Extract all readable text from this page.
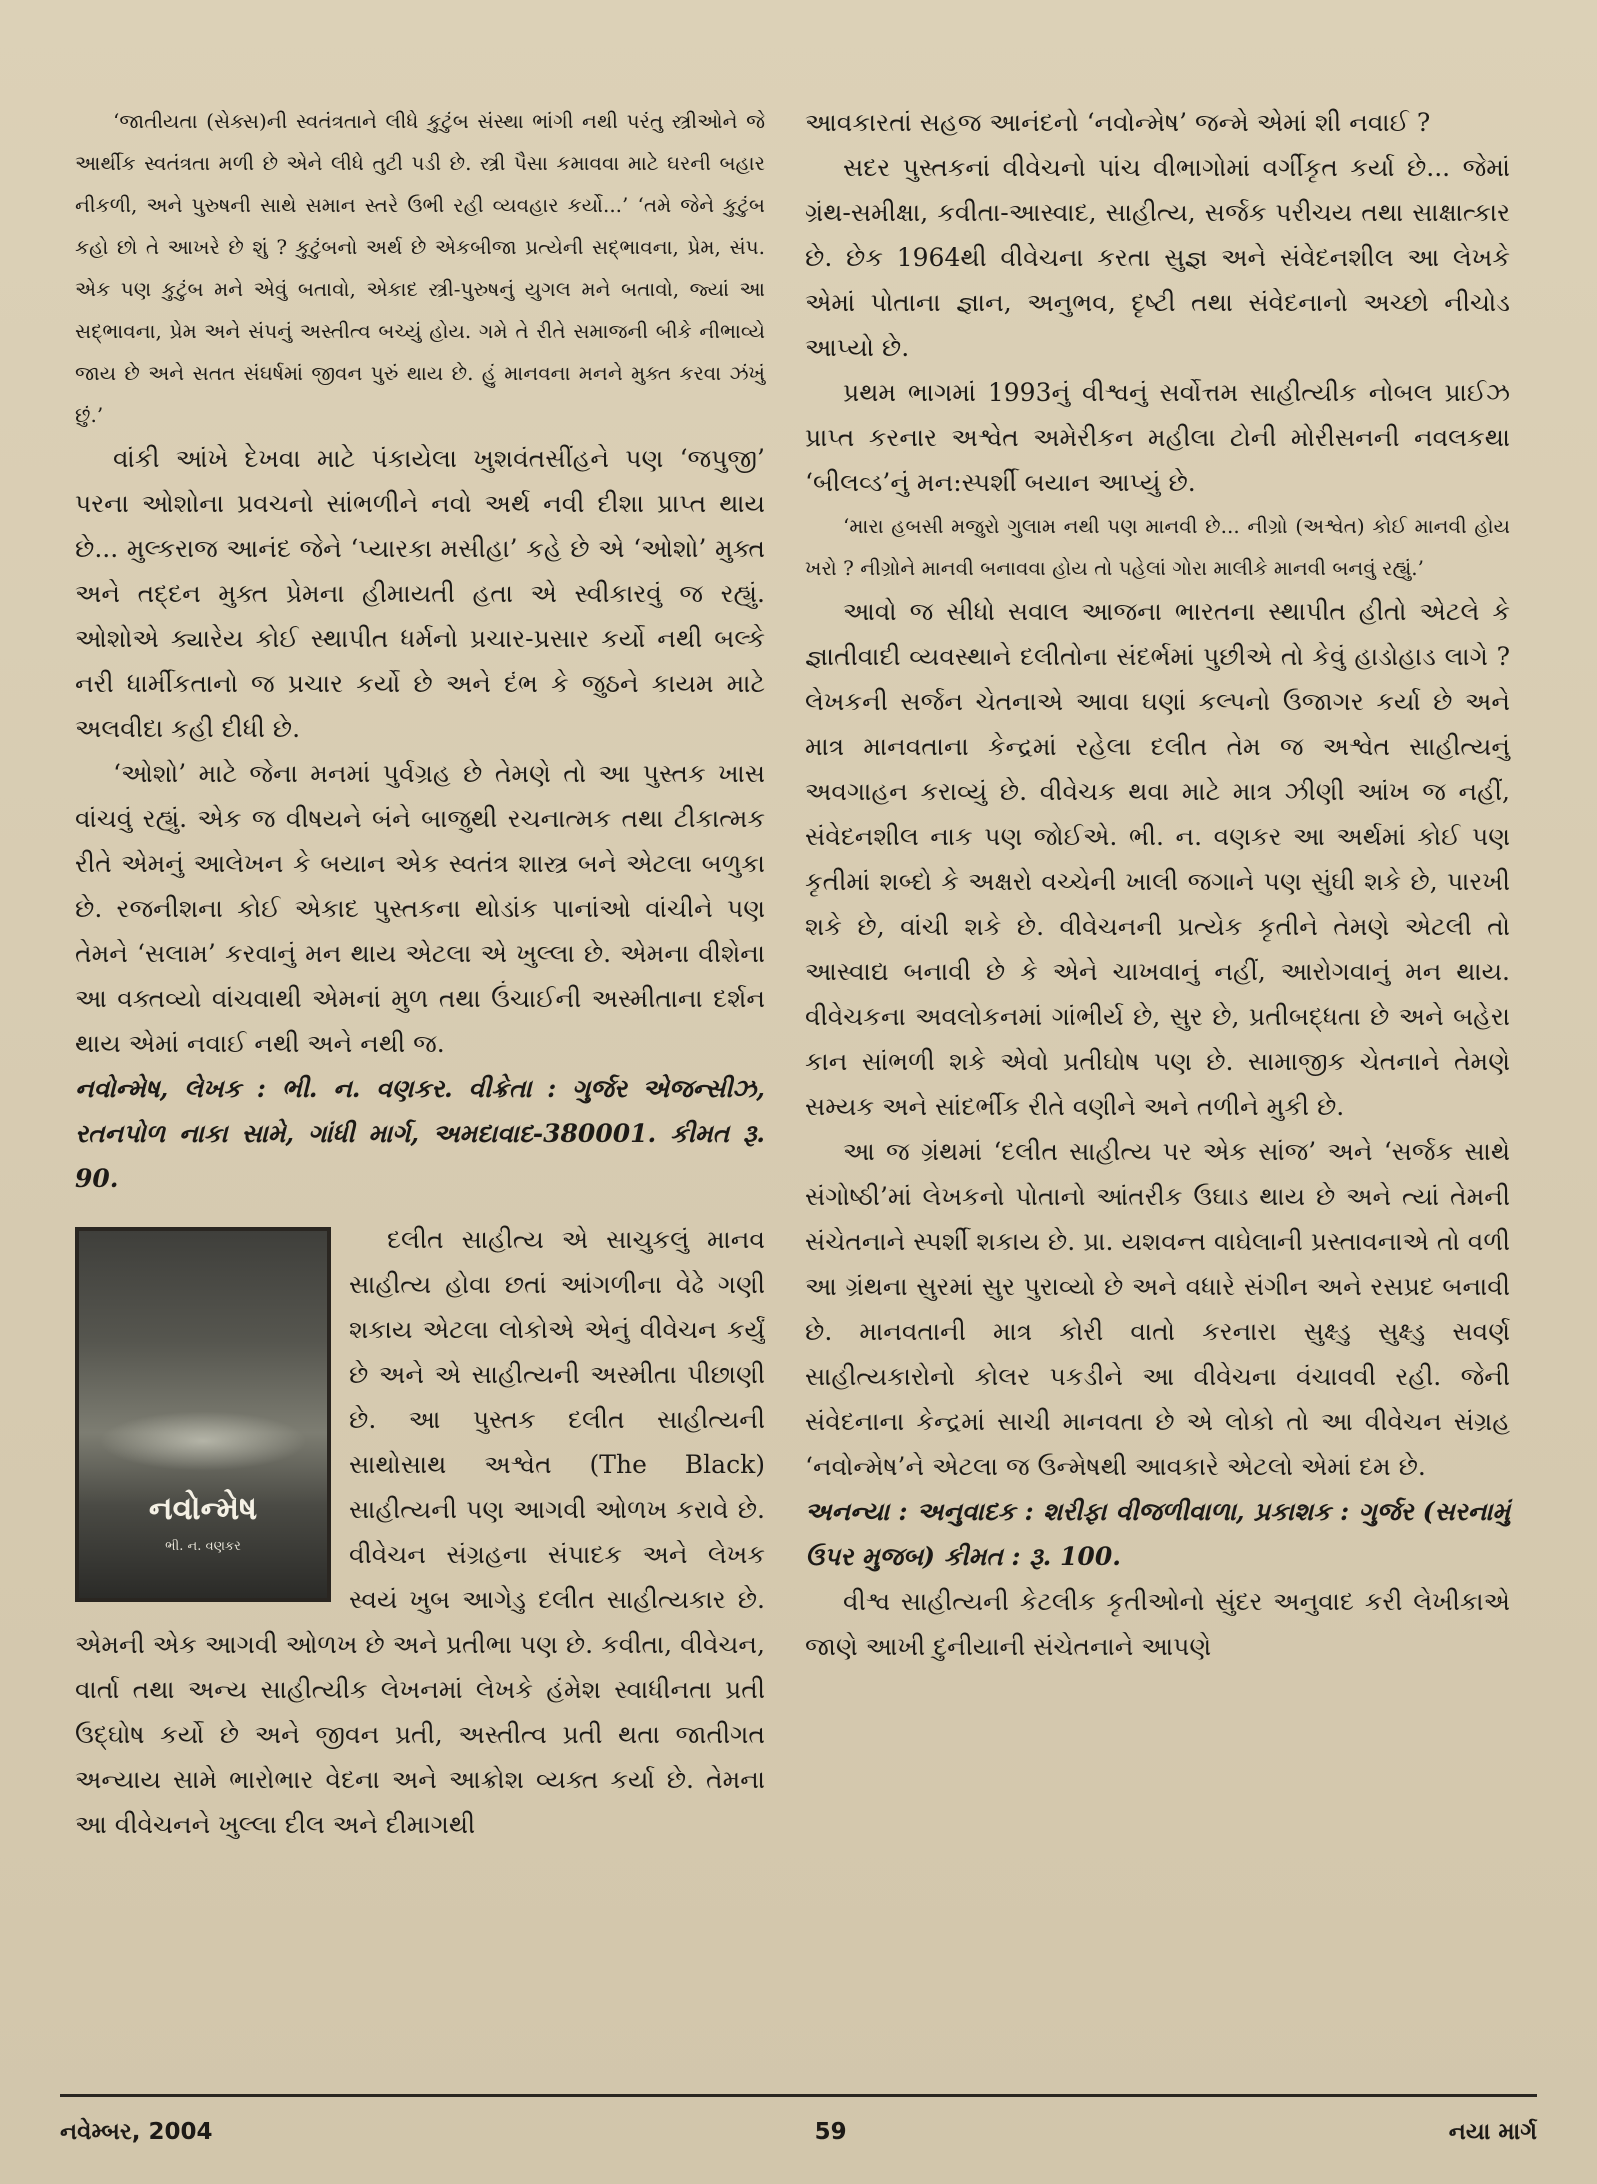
‘જાતીયતા (સેક્સ)ની સ્વતંત્રતાને લીધે કુટુંબ સંસ્થા ભાંગી નથી પરંતુ સ્ત્રીઓને જે આર્થીક સ્વતંત્રતા મળી છે એને લીધે તુટી પડી છે. સ્ત્રી પૈસા કમાવવા માટે ઘરની બહાર નીકળી, અને પુરુષની સાથે સમાન સ્તરે ઉભી રહી વ્યવહાર કર્યો...’ ‘તમે જેને કુટુંબ કહો છો તે આખરે છે શું ? કુટુંબનો અર્થ છે એકબીજા પ્રત્યેની સદ્‌ભાવના, પ્રેમ, સંપ. એક પણ કુટુંબ મને એવું બતાવો, એકાદ સ્ત્રી-પુરુષનું યુગલ મને બતાવો, જ્યાં આ સદ્‌ભાવના, પ્રેમ અને સંપનું અસ્તીત્વ બચ્યું હોય. ગમે તે રીતે સમાજની બીકે નીભાવ્યે જાય છે અને સતત સંઘર્ષમાં જીવન પુરું થાય છે. હું માનવના મનને મુક્ત કરવા ઝંખું છું.’

વાંકી આંખે દેખવા માટે પંકાયેલા ખુશવંતસીંહને પણ ‘જપુજી’ પરના ઓશોના પ્રવચનો સાંભળીને નવો અર્થ નવી દીશા પ્રાપ્ત થાય છે... મુલ્કરાજ આનંદ જેને ‘પ્યારકા મસીહા’ કહે છે એ ‘ઓશો’ મુક્ત અને તદ્દન મુક્ત પ્રેમના હીમાયતી હતા એ સ્વીકારવું જ રહ્યું. ઓશોએ ક્યારેય કોઈ સ્થાપીત ધર્મનો પ્રચાર-પ્રસાર કર્યો નથી બલ્કે નરી ધાર્મીકતાનો જ પ્રચાર કર્યો છે અને દંભ કે જુઠને કાયમ માટે અલવીદા કહી દીધી છે.

‘ઓશો’ માટે જેના મનમાં પુર્વગ્રહ છે તેમણે તો આ પુસ્તક ખાસ વાંચવું રહ્યું. એક જ વીષયને બંને બાજુથી રચનાત્મક તથા ટીકાત્મક રીતે એમનું આલેખન કે બયાન એક સ્વતંત્ર શાસ્ત્ર બને એટલા બળુકા છે. રજનીશના કોઈ એકાદ પુસ્તકના થોડાંક પાનાંઓ વાંચીને પણ તેમને ‘સલામ’ કરવાનું મન થાય એટલા એ ખુલ્લા છે. એમના વીશેના આ વક્તવ્યો વાંચવાથી એમનાં મુળ તથા ઉંચાઈની અસ્મીતાના દર્શન થાય એમાં નવાઈ નથી અને નથી જ.

નવોન્મેષ, લેખક : ભી. ન. વણકર. વીક્રેતા : ગુર્જર એજન્સીઝ, રતનપોળ નાકા સામે, ગાંધી માર્ગ, અમદાવાદ-380001. કીમત રૂ. 90.

નવોન્મેષ
ભી. ન. વણકર

દલીત સાહીત્ય એ સાચુકલું માનવ સાહીત્ય હોવા છતાં આંગળીના વેઢે ગણી શકાય એટલા લોકોએ એનું વીવેચન કર્યું છે અને એ સાહીત્યની અસ્મીતા પીછાણી છે. આ પુસ્તક દલીત સાહીત્યની સાથોસાથ અશ્વેત (The Black) સાહીત્યની પણ આગવી ઓળખ કરાવે છે. વીવેચન સંગ્રહના સંપાદક અને લેખક સ્વયં ખુબ આગેડુ દલીત સાહીત્યકાર છે. એમની એક આગવી ઓળખ છે અને પ્રતીભા પણ છે. કવીતા, વીવેચન, વાર્તા તથા અન્ય સાહીત્યીક લેખનમાં લેખકે હંમેશ સ્વાધીનતા પ્રતી ઉદ્‌ઘોષ કર્યો છે અને જીવન પ્રતી, અસ્તીત્વ પ્રતી થતા જાતીગત અન્યાય સામે ભારોભાર વેદના અને આક્રોશ વ્યક્ત કર્યા છે. તેમના આ વીવેચનને ખુલ્લા દીલ અને દીમાગથી

આવકારતાં સહજ આનંદનો ‘નવોન્મેષ’ જન્મે એમાં શી નવાઈ ?

સદર પુસ્તકનાં વીવેચનો પાંચ વીભાગોમાં વર્ગીકૃત કર્યા છે... જેમાં ગ્રંથ-સમીક્ષા, કવીતા-આસ્વાદ, સાહીત્ય, સર્જક પરીચય તથા સાક્ષાત્કાર છે. છેક 1964થી વીવેચના કરતા સુજ્ઞ અને સંવેદનશીલ આ લેખકે એમાં પોતાના જ્ઞાન, અનુભવ, દૃષ્ટી તથા સંવેદનાનો અચ્છો નીચોડ આપ્યો છે.

પ્રથમ ભાગમાં 1993નું વીશ્વનું સર્વોત્તમ સાહીત્યીક નોબલ પ્રાઈઝ પ્રાપ્ત કરનાર અશ્વેત અમેરીકન મહીલા ટોની મોરીસનની નવલકથા ‘બીલવ્ડ’નું મન:સ્પર્શી બયાન આપ્યું છે.

‘મારા હબસી મજુરો ગુલામ નથી પણ માનવી છે... નીગ્રો (અશ્વેત) કોઈ માનવી હોય ખરો ? નીગ્રોને માનવી બનાવવા હોય તો પહેલાં ગોરા માલીકે માનવી બનવું રહ્યું.’

આવો જ સીધો સવાલ આજના ભારતના સ્થાપીત હીતો એટલે કે જ્ઞાતીવાદી વ્યવસ્થાને દલીતોના સંદર્ભમાં પુછીએ તો કેવું હાડોહાડ લાગે ? લેખકની સર્જન ચેતનાએ આવા ઘણાં કલ્પનો ઉજાગર કર્યા છે અને માત્ર માનવતાના કેન્દ્રમાં રહેલા દલીત તેમ જ અશ્વેત સાહીત્યનું અવગાહન કરાવ્યું છે. વીવેચક થવા માટે માત્ર ઝીણી આંખ જ નહીં, સંવેદનશીલ નાક પણ જોઈએ. ભી. ન. વણકર આ અર્થમાં કોઈ પણ કૃતીમાં શબ્દો કે અક્ષરો વચ્ચેની ખાલી જગાને પણ સુંઘી શકે છે, પારખી શકે છે, વાંચી શકે છે. વીવેચનની પ્રત્યેક કૃતીને તેમણે એટલી તો આસ્વાદ્ય બનાવી છે કે એને ચાખવાનું નહીં, આરોગવાનું મન થાય. વીવેચકના અવલોકનમાં ગાંભીર્ય છે, સુર છે, પ્રતીબદ્ધતા છે અને બહેરા કાન સાંભળી શકે એવો પ્રતીઘોષ પણ છે. સામાજીક ચેતનાને તેમણે સમ્યક અને સાંદર્ભીક રીતે વણીને અને તળીને મુકી છે.

આ જ ગ્રંથમાં ‘દલીત સાહીત્ય પર એક સાંજ’ અને ‘સર્જક સાથે સંગોષ્ઠી’માં લેખકનો પોતાનો આંતરીક ઉઘાડ થાય છે અને ત્યાં તેમની સંચેતનાને સ્પર્શી શકાય છે. પ્રા. યશવન્ત વાઘેલાની પ્રસ્તાવનાએ તો વળી આ ગ્રંથના સુરમાં સુર પુરાવ્યો છે અને વધારે સંગીન અને રસપ્રદ બનાવી છે. માનવતાની માત્ર કોરી વાતો કરનારા સુક્ષ્ડુ સુક્ષ્ડુ સવર્ણ સાહીત્યકારોનો કોલર પકડીને આ વીવેચના વંચાવવી રહી. જેની સંવેદનાના કેન્દ્રમાં સાચી માનવતા છે એ લોકો તો આ વીવેચન સંગ્રહ ‘નવોન્મેષ’ને એટલા જ ઉન્મેષથી આવકારે એટલો એમાં દમ છે.

અનન્યા : અનુવાદક : શરીફા વીજળીવાળા, પ્રકાશક : ગુર્જર (સરનામું ઉપર મુજબ) કીમત : રૂ. 100.

વીશ્વ સાહીત્યની કેટલીક કૃતીઓનો સુંદર અનુવાદ કરી લેખીકાએ જાણે આખી દુનીયાની સંચેતનાને આપણે

નવેમ્બર, 2004	59	નયા માર્ગ
